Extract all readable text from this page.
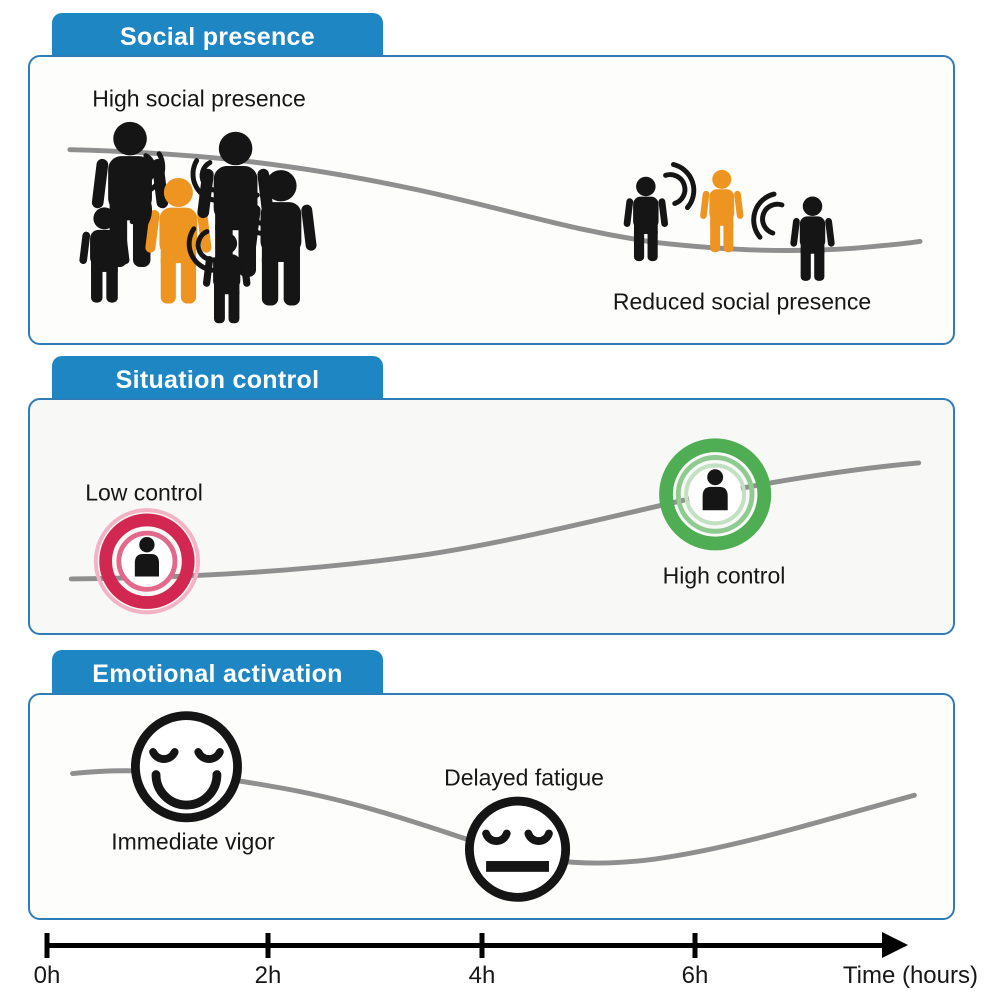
Social presence
High social presence
Reduced social presence
Situation control
Low control
High control
Emotional activation
Immediate vigor
Delayed fatigue
0h	2h	4h	6h	Time (hours)
